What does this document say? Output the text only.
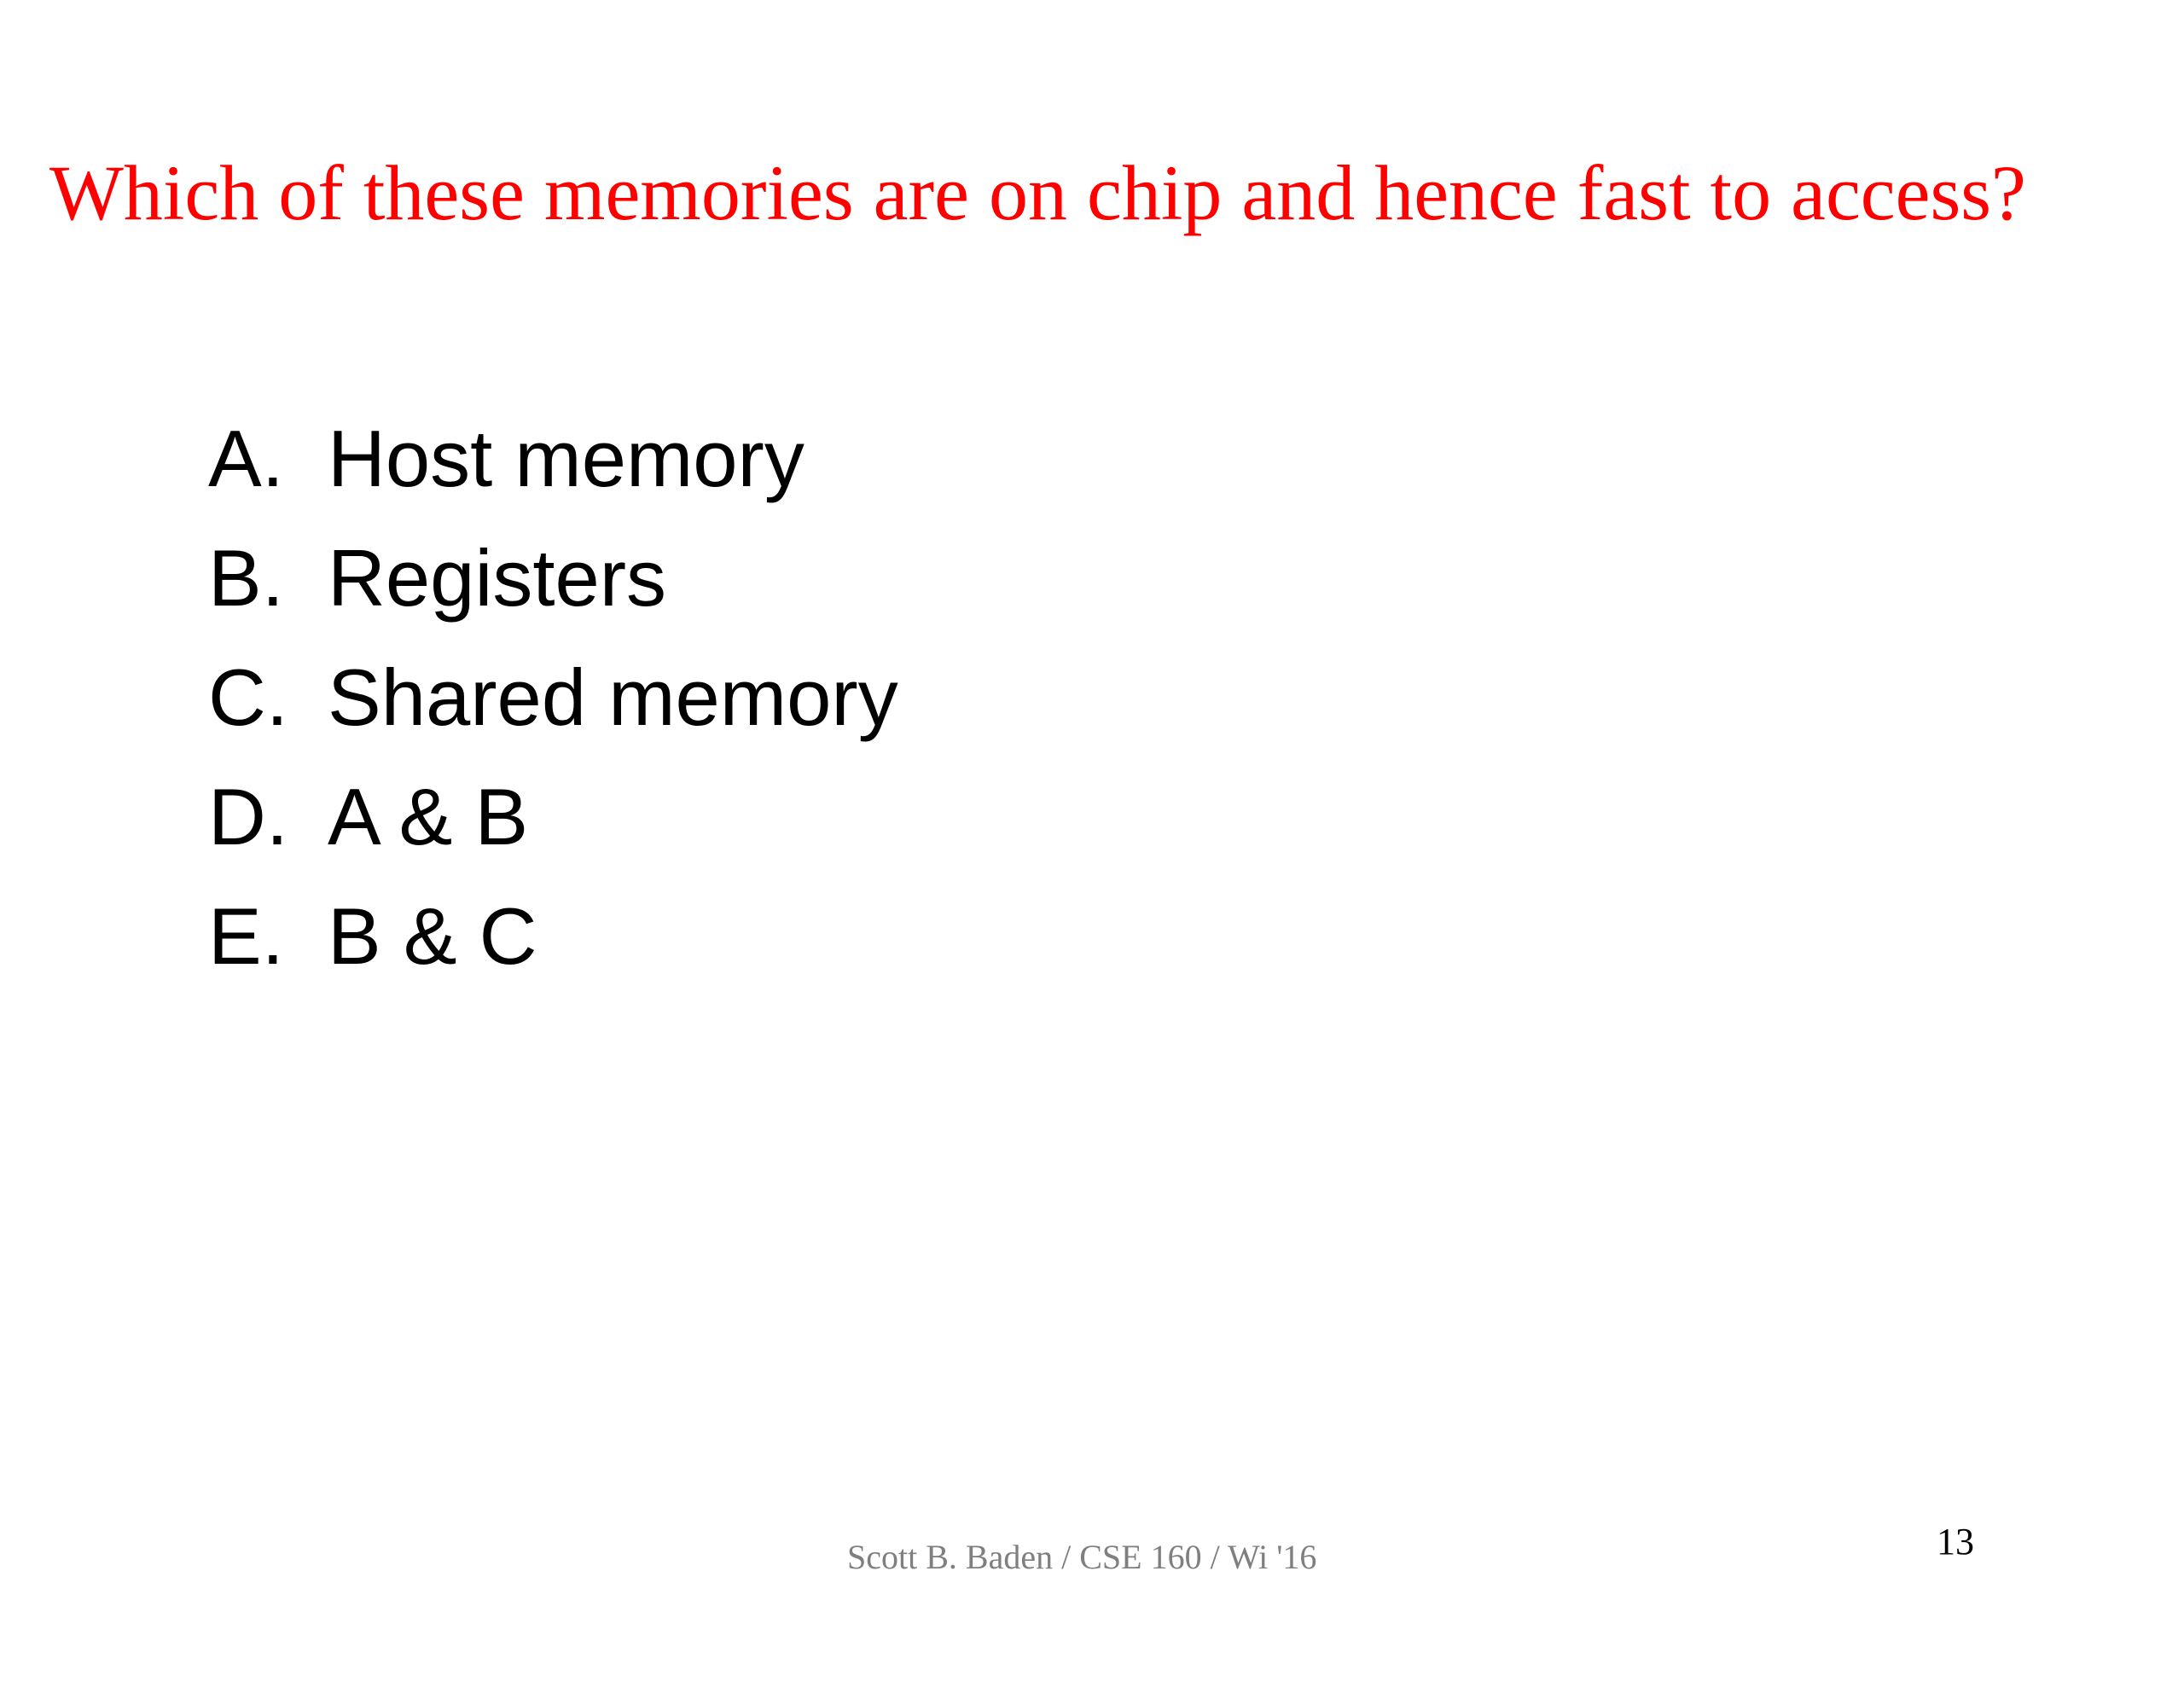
Which of these memories are on chip and hence fast to access?
A. Host memory
B. Registers
C. Shared memory
D. A & B
E. B & C
Scott B. Baden / CSE 160 / Wi '16	13
